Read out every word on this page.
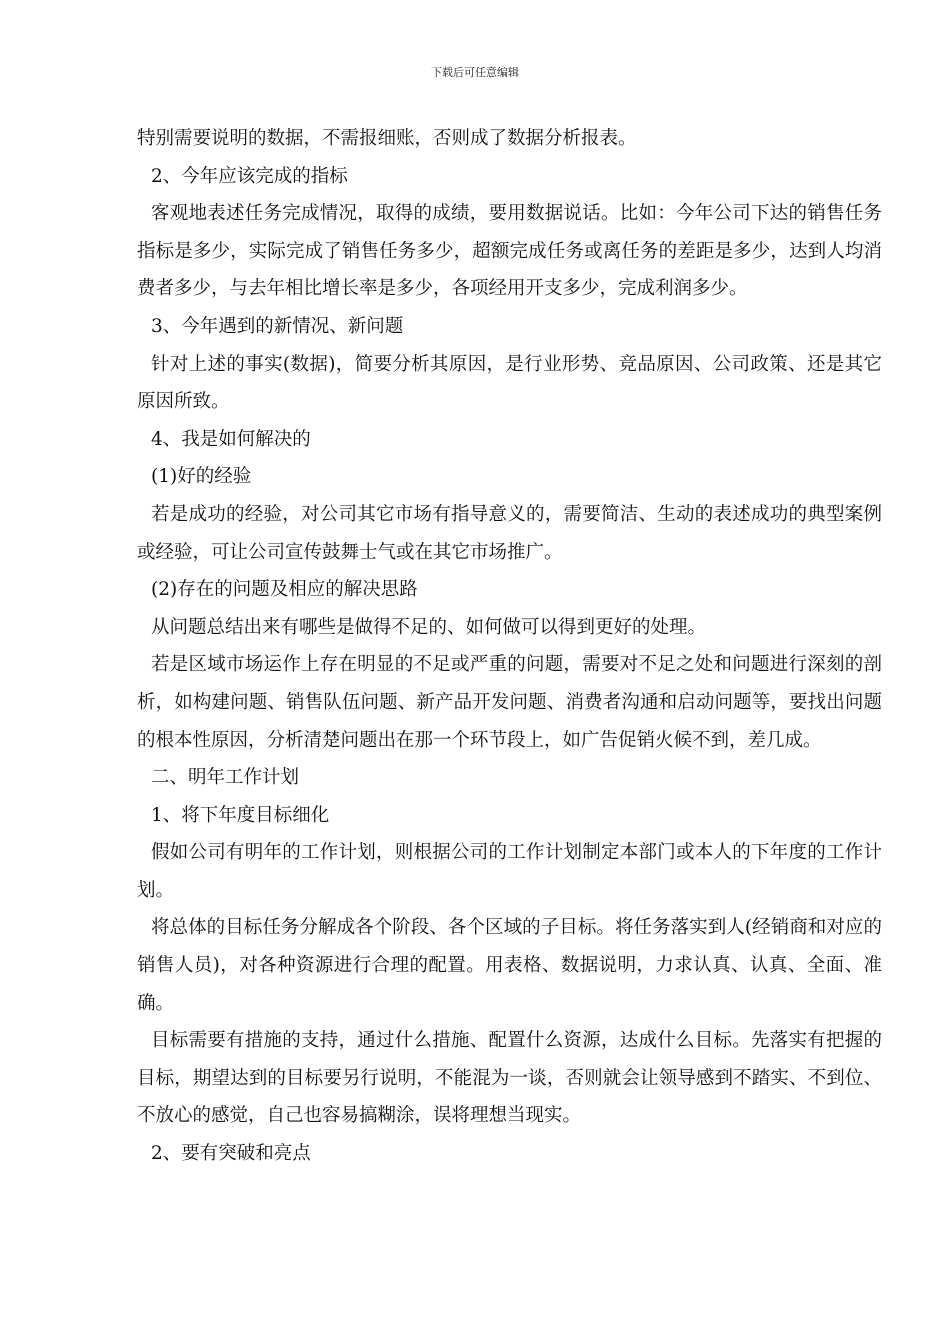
下载后可任意编辑

特别需要说明的数据，不需报细账，否则成了数据分析报表。

2、今年应该完成的指标

客观地表述任务完成情况，取得的成绩，要用数据说话。比如：今年公司下达的销售任务指标是多少，实际完成了销售任务多少，超额完成任务或离任务的差距是多少，达到人均消费者多少，与去年相比增长率是多少，各项经用开支多少，完成利润多少。

3、今年遇到的新情况、新问题

针对上述的事实(数据)，简要分析其原因，是行业形势、竞品原因、公司政策、还是其它原因所致。

4、我是如何解决的

(1)好的经验

若是成功的经验，对公司其它市场有指导意义的，需要简洁、生动的表述成功的典型案例或经验，可让公司宣传鼓舞士气或在其它市场推广。

(2)存在的问题及相应的解决思路

从问题总结出来有哪些是做得不足的、如何做可以得到更好的处理。

若是区域市场运作上存在明显的不足或严重的问题，需要对不足之处和问题进行深刻的剖析，如构建问题、销售队伍问题、新产品开发问题、消费者沟通和启动问题等，要找出问题的根本性原因，分析清楚问题出在那一个环节段上，如广告促销火候不到，差几成。

二、明年工作计划

1、将下年度目标细化

假如公司有明年的工作计划，则根据公司的工作计划制定本部门或本人的下年度的工作计划。

将总体的目标任务分解成各个阶段、各个区域的子目标。将任务落实到人(经销商和对应的销售人员)，对各种资源进行合理的配置。用表格、数据说明，力求认真、认真、全面、准确。

目标需要有措施的支持，通过什么措施、配置什么资源，达成什么目标。先落实有把握的目标，期望达到的目标要另行说明，不能混为一谈，否则就会让领导感到不踏实、不到位、不放心的感觉，自己也容易搞糊涂，误将理想当现实。

2、要有突破和亮点
